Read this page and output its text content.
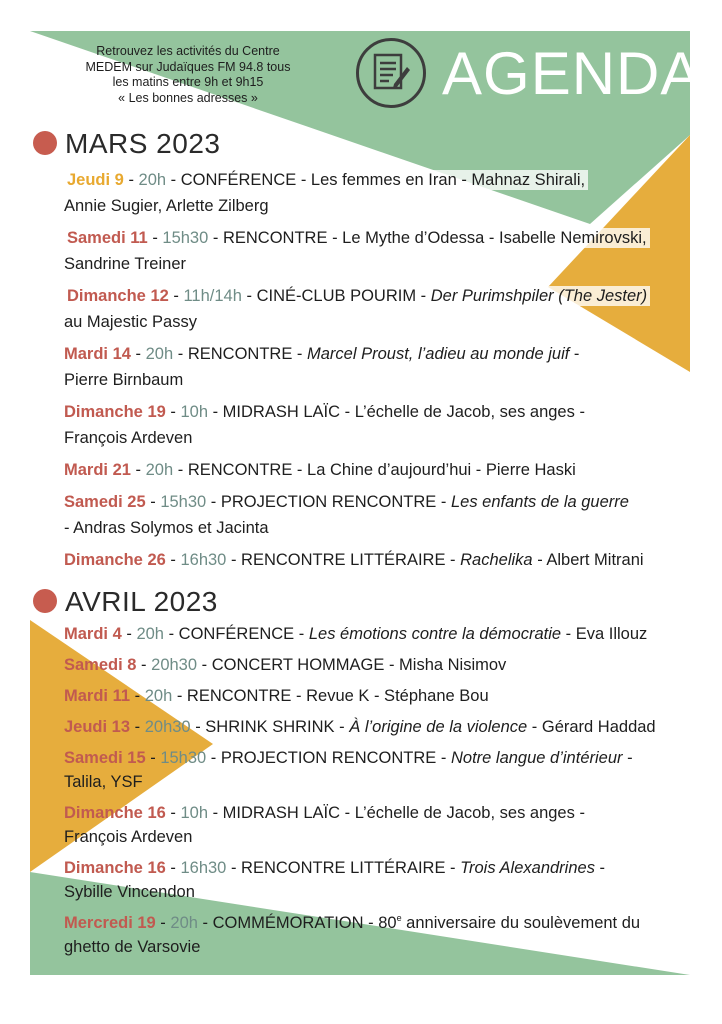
Retrouvez les activités du Centre
MEDEM sur Judaïques FM 94.8 tous
les matins entre 9h et 9h15
« Les bonnes adresses »	AGENDA
MARS 2023

Jeudi 9 - 20h - CONFÉRENCE - Les femmes en Iran - Mahnaz Shirali,
Annie Sugier, Arlette Zilberg

Samedi 11 - 15h30 - RENCONTRE - Le Mythe d’Odessa - Isabelle Nemirovski,
Sandrine Treiner

Dimanche 12 - 11h/14h - CINÉ-CLUB POURIM - Der Purimshpiler (The Jester)
au Majestic Passy

Mardi 14 - 20h - RENCONTRE - Marcel Proust, l’adieu au monde juif -
Pierre Birnbaum

Dimanche 19 - 10h - MIDRASH LAÏC - L’échelle de Jacob, ses anges -
François Ardeven

Mardi 21 - 20h - RENCONTRE - La Chine d’aujourd’hui - Pierre Haski

Samedi 25 - 15h30 - PROJECTION RENCONTRE - Les enfants de la guerre
- Andras Solymos et Jacinta

Dimanche 26 - 16h30 - RENCONTRE LITTÉRAIRE - Rachelika - Albert Mitrani

AVRIL 2023

Mardi 4 - 20h - CONFÉRENCE - Les émotions contre la démocratie - Eva Illouz

Samedi 8 - 20h30 - CONCERT HOMMAGE - Misha Nisimov

Mardi 11 - 20h - RENCONTRE - Revue K - Stéphane Bou

Jeudi 13 - 20h30 - SHRINK SHRINK - À l’origine de la violence - Gérard Haddad

Samedi 15 - 15h30 - PROJECTION RENCONTRE - Notre langue d’intérieur -
Talila, YSF

Dimanche 16 - 10h - MIDRASH LAÏC - L’échelle de Jacob, ses anges -
François Ardeven

Dimanche 16 - 16h30 - RENCONTRE LITTÉRAIRE - Trois Alexandrines -
Sybille Vincendon

Mercredi 19 - 20h - COMMÉMORATION - 80e anniversaire du soulèvement du
ghetto de Varsovie
